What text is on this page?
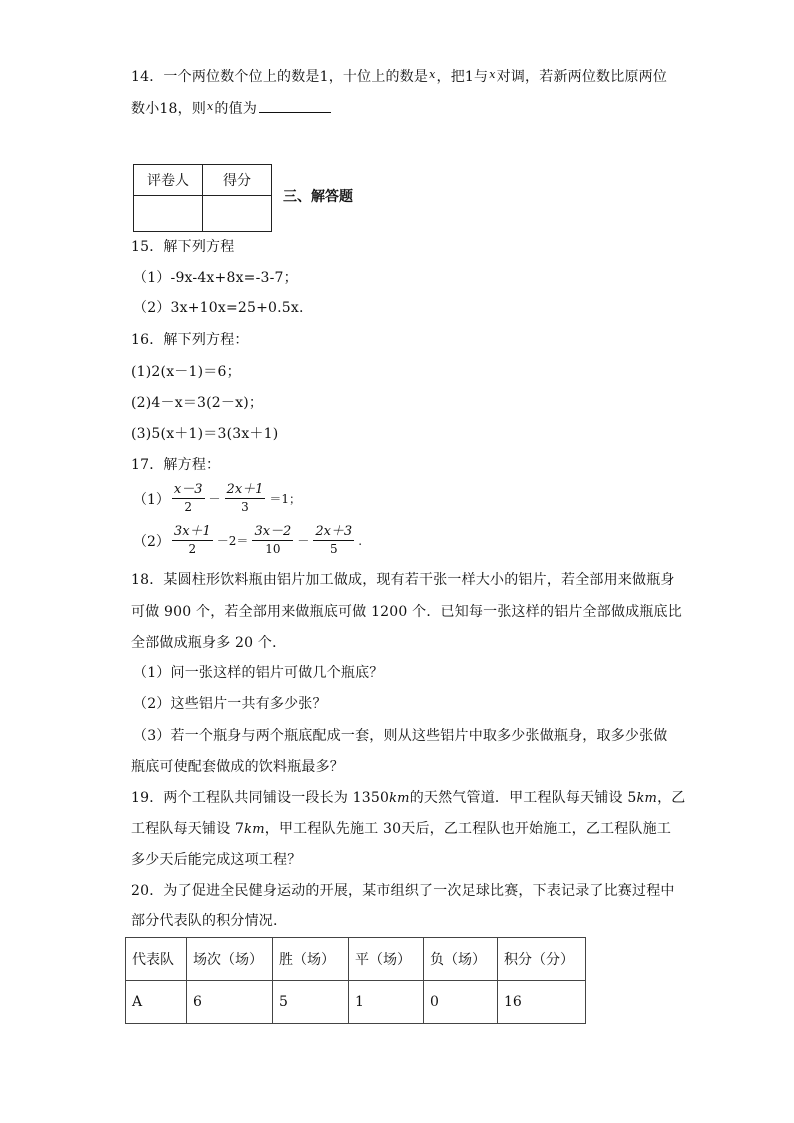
14．一个两位数个位上的数是1，十位上的数是$^x$，把1与$^x$对调，若新两位数比原两位
数小18，则$^x$的值为
评卷人	得分

三、解答题
15．解下列方程
（1）-9x-4x+8x=-3-7；
（2）3x+10x=25+0.5x.
16．解下列方程：
(1)2(x－1)＝6；
(2)4－x＝3(2－x)；
(3)5(x＋1)＝3(3x＋1)
17．解方程：
$(1) \frac{x-3}{2} - \frac{2x+1}{3} =1$；
$(2) \frac{3x+1}{2} -2= \frac{3x-2}{10} - \frac{2x+3}{5}$ .
18．某圆柱形饮料瓶由铝片加工做成，现有若干张一样大小的铝片，若全部用来做瓶身
可做 900 个，若全部用来做瓶底可做 1200 个．已知每一张这样的铝片全部做成瓶底比
全部做成瓶身多 20 个．
（1）问一张这样的铝片可做几个瓶底？
（2）这些铝片一共有多少张？
（3）若一个瓶身与两个瓶底配成一套，则从这些铝片中取多少张做瓶身，取多少张做
瓶底可使配套做成的饮料瓶最多？
19．两个工程队共同铺设一段长为 1350km的天然气管道．甲工程队每天铺设 5km，乙
工程队每天铺设 7km，甲工程队先施工 30天后，乙工程队也开始施工，乙工程队施工
多少天后能完成这项工程？
20．为了促进全民健身运动的开展，某市组织了一次足球比赛，下表记录了比赛过程中
部分代表队的积分情况.
代表队	场次（场）	胜（场）	平（场）	负（场）	积分（分）
A	6	5	1	0	16
